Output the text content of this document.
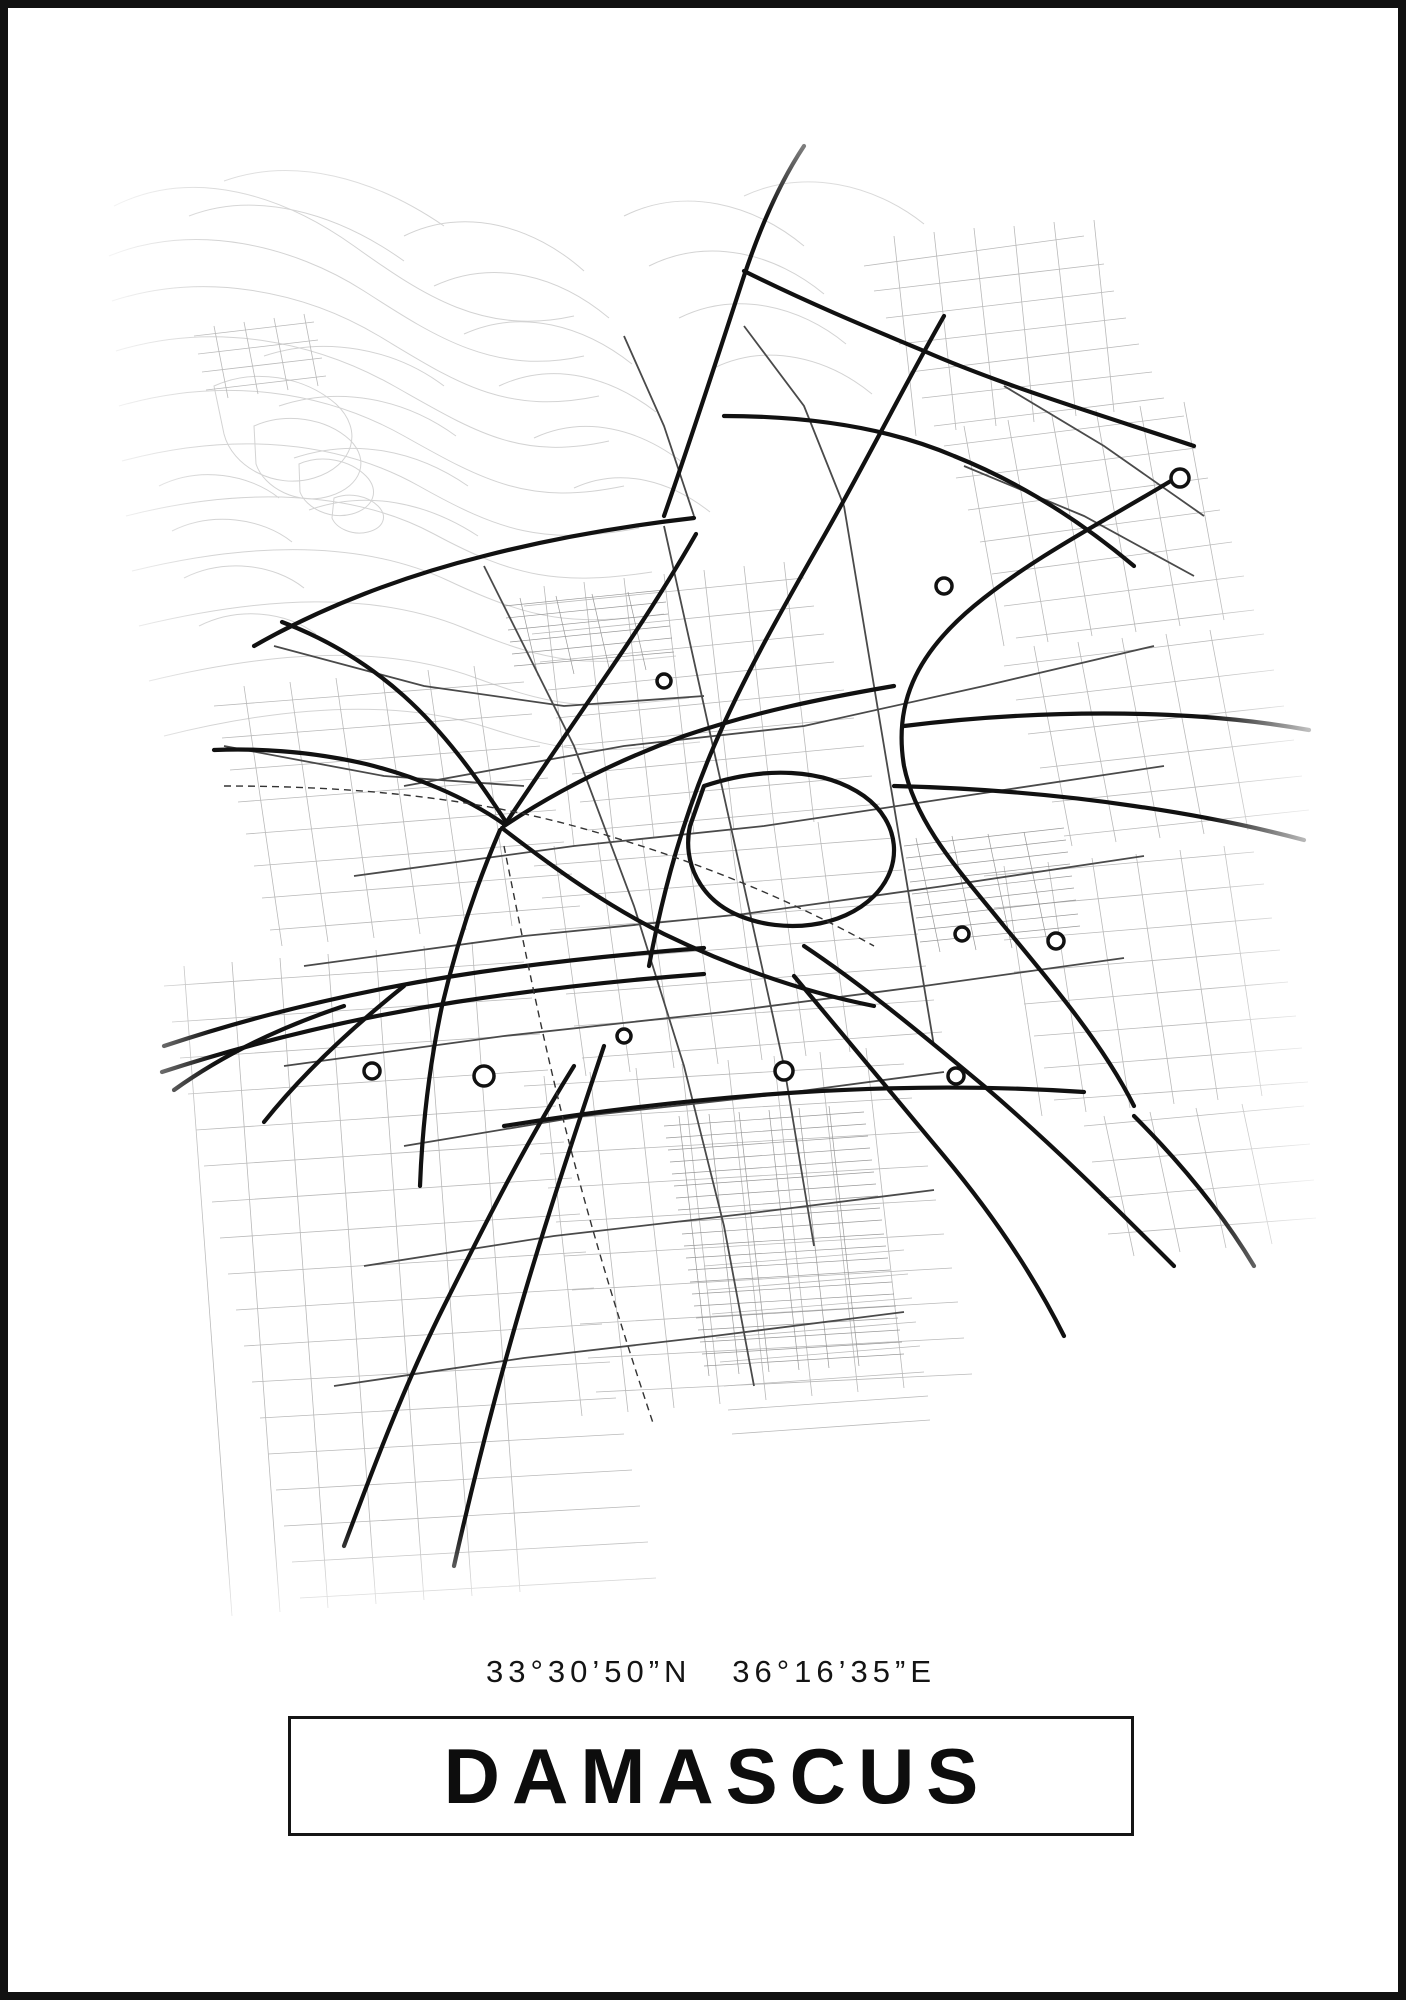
33°30’50”N   36°16’35”E
DAMASCUS
